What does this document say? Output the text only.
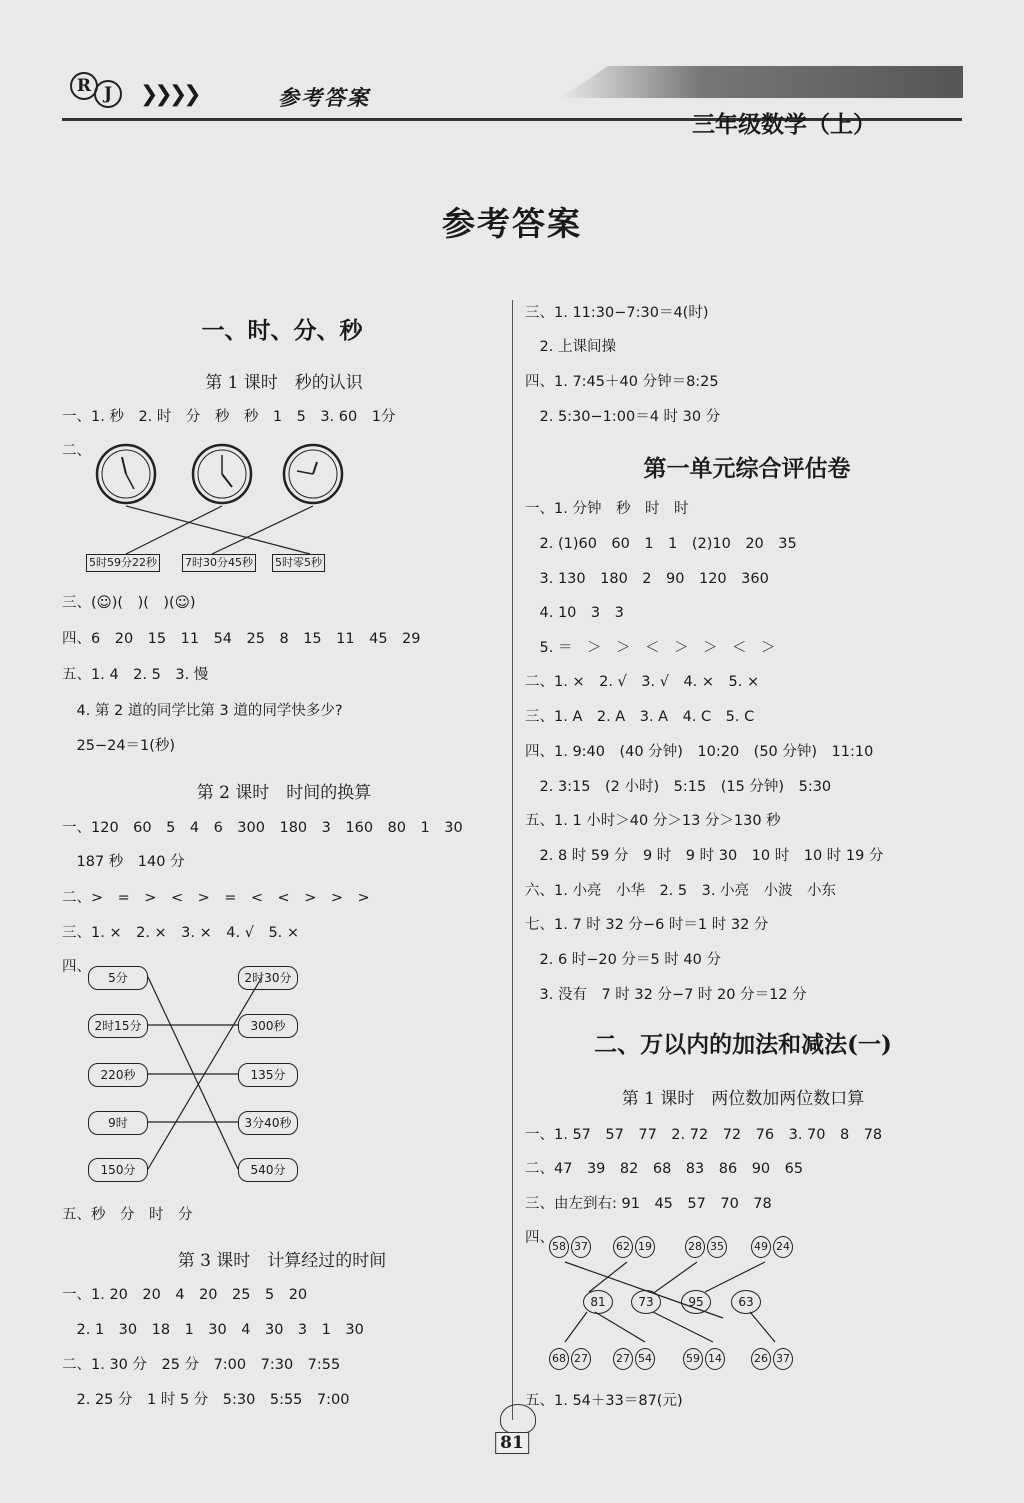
R J	❯❯❯❯	参考答案
三年级数学（上）
参考答案
一、时、分、秒
第 1 课时　秒的认识
一、1. 秒　2. 时　分　秒　秒　1　5　3. 60　1分
二、
5时59分22秒	7时30分45秒 5时零5秒
三、(☺)(　)(　)(☺)
四、6　20　15　11　54　25　8　15　11　45　29
五、1. 4　2. 5　3. 慢
　4. 第 2 道的同学比第 3 道的同学快多少?
　25−24＝1(秒)
第 2 课时　时间的换算
一、120　60　5　4　6　300　180　3　160　80　1　30
　187 秒　140 分
二、>　=　>　<　>　=　<　<　>　>　>
三、1. ×　2. ×　3. ×　4. √　5. ×
四、
5分
2时15分
220秒
9时
150分
2时30分
300秒
135分
3分40秒
540分
五、秒　分　时　分
第 3 课时　计算经过的时间
一、1. 20　20　4　20　25　5　20
　2. 1　30　18　1　30　4　30　3　1　30
二、1. 30 分　25 分　7:00　7:30　7:55
　2. 25 分　1 时 5 分　5:30　5:55　7:00
三、1. 11:30−7:30＝4(时)
　2. 上课间操
四、1. 7:45＋40 分钟＝8:25
　2. 5:30−1:00＝4 时 30 分
第一单元综合评估卷
一、1. 分钟　秒　时　时
　2. (1)60　60　1　1　(2)10　20　35
　3. 130　180　2　90　120　360
　4. 10　3　3
　5. ＝　＞　＞　＜　＞　＞　＜　＞
二、1. ×　2. √　3. √　4. ×　5. ×
三、1. A　2. A　3. A　4. C　5. C
四、1. 9:40　(40 分钟)　10:20　(50 分钟)　11:10
　2. 3:15　(2 小时)　5:15　(15 分钟)　5:30
五、1. 1 小时＞40 分＞13 分＞130 秒
　2. 8 时 59 分　9 时　9 时 30　10 时　10 时 19 分
六、1. 小亮　小华　2. 5　3. 小亮　小波　小东
七、1. 7 时 32 分−6 时＝1 时 32 分
　2. 6 时−20 分＝5 时 40 分
　3. 没有　7 时 32 分−7 时 20 分＝12 分
二、万以内的加法和减法(一)
第 1 课时　两位数加两位数口算
一、1. 57　57　77　2. 72　72　76　3. 70　8　78
二、47　39　82　68　83　86　90　65
三、由左到右: 91　45　57　70　78
四、
58 37	62 19	28 35	49 24
81	73	95	63
68 27	27 54	59 14	26 37
五、1. 54＋33＝87(元)
81
